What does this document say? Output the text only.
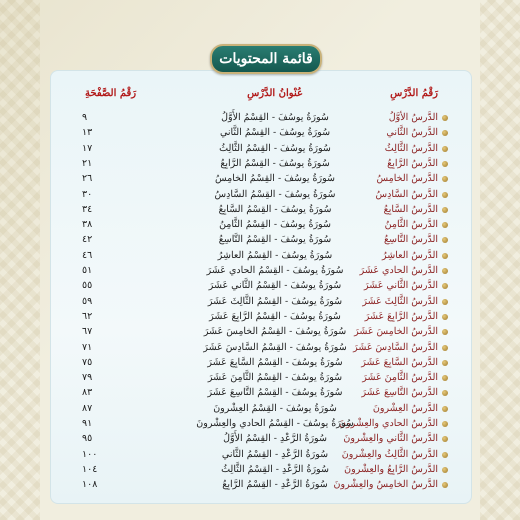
قائمة المحتويات
رَقْمُ الدَّرْسِ
عُنْوانُ الدَّرْسِ
رَقْمُ الصَّفْحَةِ
الدَّرسُ الأوَّلُ
سُورَةُ يوسُفَ - القِسْمُ الأَوَّلُ
٩
الدَّرسُ الثَّاني
سُورَةُ يوسُفَ - القِسْمُ الثَّاني
١٣
الدَّرسُ الثَّالِثُ
سُورَةُ يوسُفَ - القِسْمُ الثَّالِثُ
١٧
الدَّرسُ الرَّابِعُ
سُورَةُ يوسُفَ - القِسْمُ الرَّابِعُ
٢١
الدَّرسُ الخامِسُ
سُورَةُ يوسُفَ - القِسْمُ الخامِسُ
٢٦
الدَّرسُ السَّادِسُ
سُورَةُ يوسُفَ - القِسْمُ السَّادِسُ
٣٠
الدَّرسُ السَّابِعُ
سُورَةُ يوسُفَ - القِسْمُ السَّابِعُ
٣٤
الدَّرسُ الثَّامِنُ
سُورَةُ يوسُفَ - القِسْمُ الثَّامِنُ
٣٨
الدَّرسُ التَّاسِعُ
سُورَةُ يوسُفَ - القِسْمُ التَّاسِعُ
٤٢
الدَّرسُ العاشِرُ
سُورَةُ يوسُفَ - القِسْمُ العاشِرُ
٤٦
الدَّرسُ الحادي عَشَرَ
سُورَةُ يوسُفَ - القِسْمُ الحادي عَشَرَ
٥١
الدَّرسُ الثَّاني عَشَرَ
سُورَةُ يوسُفَ - القِسْمُ الثَّاني عَشَرَ
٥٥
الدَّرسُ الثَّالِثَ عَشَرَ
سُورَةُ يوسُفَ - القِسْمُ الثَّالِثَ عَشَرَ
٥٩
الدَّرسُ الرَّابِعَ عَشَرَ
سُورَةُ يوسُفَ - القِسْمُ الرَّابِعَ عَشَرَ
٦٢
الدَّرسُ الخامِسَ عَشَرَ
سُورَةُ يوسُفَ - القِسْمُ الخامِسَ عَشَرَ
٦٧
الدَّرسُ السَّادِسَ عَشَرَ
سُورَةُ يوسُفَ - القِسْمُ السَّادِسَ عَشَرَ
٧١
الدَّرسُ السَّابِعَ عَشَرَ
سُورَةُ يوسُفَ - القِسْمُ السَّابِعَ عَشَرَ
٧٥
الدَّرسُ الثَّامِنَ عَشَرَ
سُورَةُ يوسُفَ - القِسْمُ الثَّامِنَ عَشَرَ
٧٩
الدَّرسُ التَّاسِعَ عَشَرَ
سُورَةُ يوسُفَ - القِسْمُ التَّاسِعَ عَشَرَ
٨٣
الدَّرسُ العِشْرونَ
سُورَةُ يوسُفَ - القِسْمُ العِشْرونَ
٨٧
الدَّرسُ الحادي والعِشْرونَ
سُورَةُ يوسُفَ - القِسْمُ الحادي والعِشْرونَ
٩١
الدَّرسُ الثَّاني والعِشْرونَ
سُورَةُ الرَّعْدِ - القِسْمُ الأَوَّلُ
٩٥
الدَّرسُ الثَّالِثُ والعِشْرونَ
سُورَةُ الرَّعْدِ - القِسْمُ الثَّاني
١٠٠
الدَّرسُ الرَّابِعُ والعِشْرونَ
سُورَةُ الرَّعْدِ - القِسْمُ الثَّالِثُ
١٠٤
الدَّرسُ الخامِسُ والعِشْرونَ
سُورَةُ الرَّعْدِ - القِسْمُ الرَّابِعُ
١٠٨
